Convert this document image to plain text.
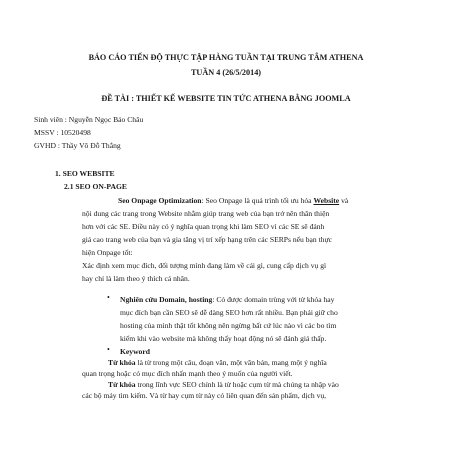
BÁO CÁO TIẾN ĐỘ THỰC TẬP HÀNG TUẦN TẠI TRUNG TÂM ATHENA
TUẦN 4 (26/5/2014)
ĐỀ TÀI : THIẾT KẾ WEBSITE TIN TỨC ATHENA BẰNG JOOMLA
Sinh viên : Nguyễn Ngọc Bảo Châu
MSSV : 10520498
GVHD : Thầy Võ Đỗ Thắng
1. SEO WEBSITE
2.1 SEO ON-PAGE
Seo Onpage Optimization: Seo Onpage là quá trình tối ưu hóa Website và
nội dung các trang trong Website nhằm giúp trang web của bạn trở nên thân thiện
hơn với các SE. Điều này có ý nghĩa quan trọng khi làm SEO vì các SE sẽ đánh
giá cao trang web của bạn và gia tăng vị trí xếp hạng trên các SERPs nếu bạn thực
hiện Onpage tốt:
Xác định xem mục đích, đối tượng mình đang làm về cái gì, cung cấp dịch vụ gì
hay chỉ là làm theo ý thích cá nhân.
• Nghiên cứu Domain, hosting: Có được domain trùng với từ khóa hay
mục đích bạn cần SEO sẽ dễ dàng SEO hơn rất nhiều. Bạn phải giữ cho
hosting của mình thật tốt không nên ngừng bất cứ lúc nào vì các bo tìm
kiếm khi vào website mà không thấy hoạt động nó sẽ đánh giá thấp.
• Keyword
Từ khóa là từ trong một câu, đoạn văn, một văn bản, mang một ý nghĩa
quan trọng hoặc có mục đích nhấn mạnh theo ý muốn của người viết.
Từ khóa trong lĩnh vực SEO chính là từ hoặc cụm từ mà chúng ta nhập vào
các bộ máy tìm kiếm. Và từ hay cụm từ này có liên quan đến sản phẩm, dịch vụ,
